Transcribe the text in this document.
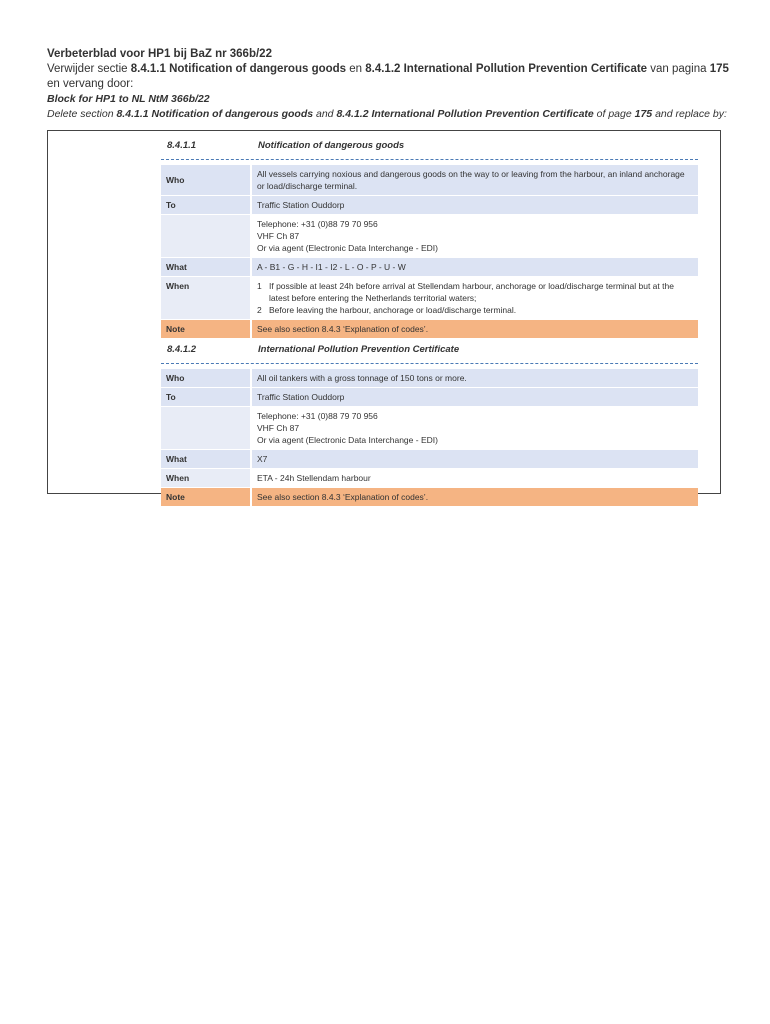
Verbeterblad voor HP1 bij BaZ nr 366b/22
Verwijder sectie 8.4.1.1 Notification of dangerous goods en 8.4.1.2 International Pollution Prevention Certificate van pagina 175 en vervang door:
Block for HP1 to NL NtM 366b/22
Delete section 8.4.1.1 Notification of dangerous goods and 8.4.1.2 International Pollution Prevention Certificate of page 175 and replace by:
8.4.1.1	Notification of dangerous goods
Who	All vessels carrying noxious and dangerous goods on the way to or leaving from the harbour, an inland anchorage or load/discharge terminal.
To	Traffic Station Ouddorp

	Telephone: +31 (0)88 79 70 956
VHF Ch 87
Or via agent (Electronic Data Interchange - EDI)

What	A - B1 - G - H - I1 - I2 - L - O - P - U - W
When	1 If possible at least 24h before arrival at Stellendam harbour, anchorage or load/discharge terminal but at the latest before entering the Netherlands territorial waters;
2 Before leaving the harbour, anchorage or load/discharge terminal.

Note	See also section 8.4.3 ‘Explanation of codes’.
8.4.1.2	International Pollution Prevention Certificate
Who	All oil tankers with a gross tonnage of 150 tons or more.
To	Traffic Station Ouddorp

	Telephone: +31 (0)88 79 70 956
VHF Ch 87
Or via agent (Electronic Data Interchange - EDI)

What	X7
When	ETA - 24h Stellendam harbour
Note	See also section 8.4.3 ‘Explanation of codes’.
